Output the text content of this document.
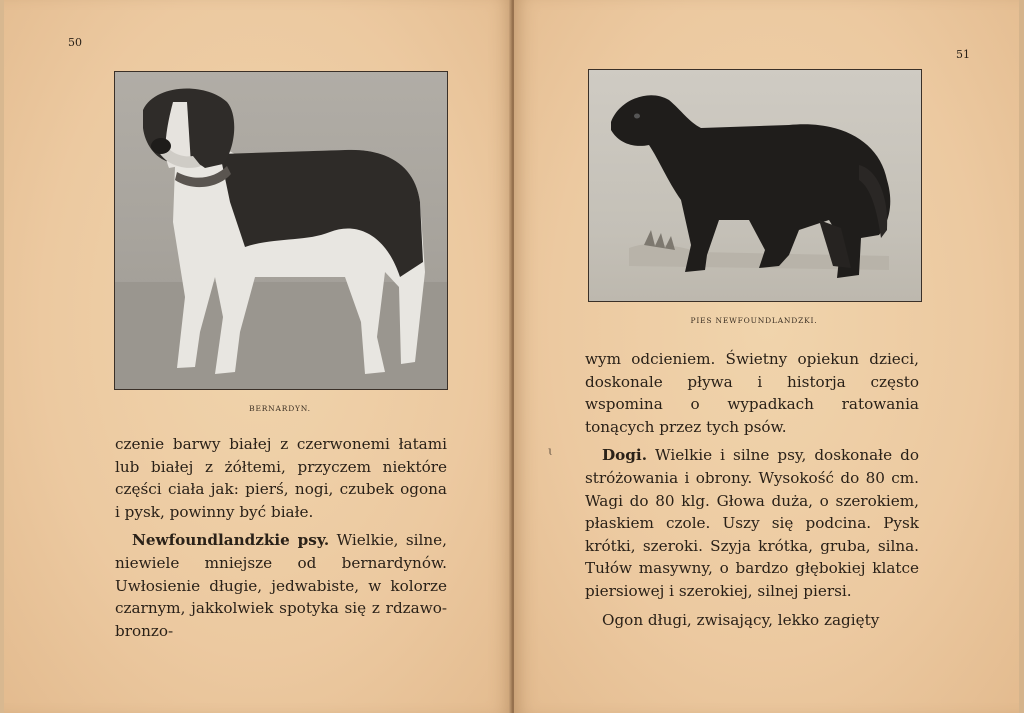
50
BERNARDYN.

czenie barwy białej z czerwonemi łatami lub białej z żółtemi, przyczem niektóre części ciała jak: pierś, nogi, czubek ogona i pysk, powinny być białe.

Newfoundlandzkie psy. Wielkie, silne, niewiele mniejsze od bernardynów. Uwłosienie długie, jedwabiste, w kolorze czarnym, jakkolwiek spotyka się z rdzawo-bronzo-

51
PIES NEWFOUNDLANDZKI.
ɩ

wym odcieniem. Świetny opiekun dzieci, doskonale pływa i historja często wspomina o wypadkach ratowania tonących przez tych psów.

Dogi. Wielkie i silne psy, doskonałe do stróżowania i obrony. Wysokość do 80 cm. Wagi do 80 klg. Głowa duża, o szerokiem, płaskiem czole. Uszy się podcina. Pysk krótki, szeroki. Szyja krótka, gruba, silna. Tułów masywny, o bardzo głębokiej klatce piersiowej i szerokiej, silnej piersi.

Ogon długi, zwisający, lekko zagięty
